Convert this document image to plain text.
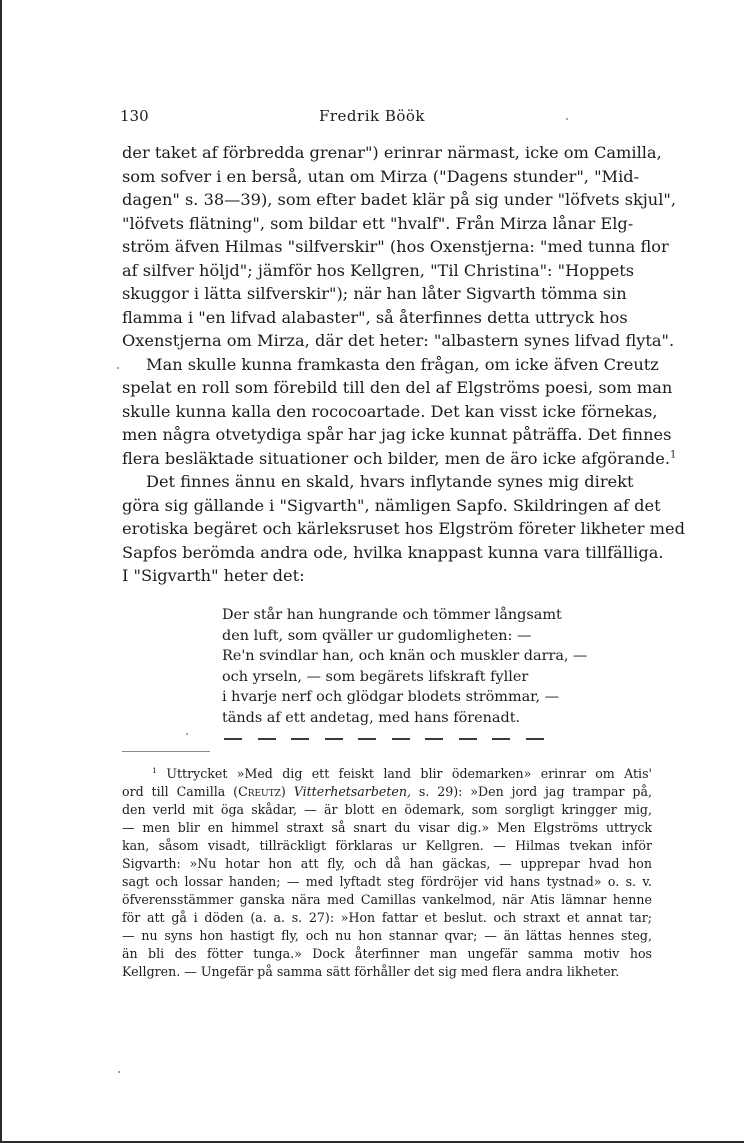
130	Fredrik Böök

der taket af förbredda grenar") erinrar närmast, icke om Camilla,
som sofver i en berså, utan om Mirza ("Dagens stunder", "Mid-
dagen" s. 38—39), som efter badet klär på sig under "löfvets skjul",
"löfvets flätning", som bildar ett "hvalf". Från Mirza lånar Elg-
ström äfven Hilmas "silfverskir" (hos Oxenstjerna: "med tunna flor
af silfver höljd"; jämför hos Kellgren, "Til Christina": "Hoppets
skuggor i lätta silfverskir"); när han låter Sigvarth tömma sin
flamma i "en lifvad alabaster", så återfinnes detta uttryck hos
Oxenstjerna om Mirza, där det heter: "albastern synes lifvad flyta".

Man skulle kunna framkasta den frågan, om icke äfven Creutz
spelat en roll som förebild till den del af Elgströms poesi, som man
skulle kunna kalla den rococoartade. Det kan visst icke förnekas,
men några otvetydiga spår har jag icke kunnat påträffa. Det finnes
flera besläktade situationer och bilder, men de äro icke afgörande.$^1$

Det finnes ännu en skald, hvars inflytande synes mig direkt
göra sig gällande i "Sigvarth", nämligen Sapfo. Skildringen af det
erotiska begäret och kärleksruset hos Elgström företer likheter med
Sapfos berömda andra ode, hvilka knappast kunna vara tillfälliga.
I "Sigvarth" heter det:

Der står han hungrande och tömmer långsamt
den luft, som qväller ur gudomligheten: —
Re'n svindlar han, och knän och muskler darra, —
och yrseln, — som begärets lifskraft fyller
i hvarje nerf och glödgar blodets strömmar, —
tänds af ett andetag, med hans förenadt.
$^1$ Uttrycket »Med dig ett feiskt land blir ödemarken» erinrar om Atis'
ord till Camilla (Creutz) Vitterhetsarbeten, s. 29): »Den jord jag trampar på,
den verld mit öga skådar, — är blott en ödemark, som sorgligt kringger mig,
— men blir en himmel straxt så snart du visar dig.» Men Elgströms uttryck
kan, såsom visadt, tillräckligt förklaras ur Kellgren. — Hilmas tvekan inför
Sigvarth: »Nu hotar hon att fly, och då han gäckas, — upprepar hvad hon
sagt och lossar handen; — med lyftadt steg fördröjer vid hans tystnad» o. s. v.
öfverensstämmer ganska nära med Camillas vankelmod, när Atis lämnar henne
för att gå i döden (a. a. s. 27): »Hon fattar et beslut. och straxt et annat tar;
— nu syns hon hastigt fly, och nu hon stannar qvar; — än lättas hennes steg,
än bli des fötter tunga.» Dock återfinner man ungefär samma motiv hos
Kellgren. — Ungefär på samma sätt förhåller det sig med flera andra likheter.
